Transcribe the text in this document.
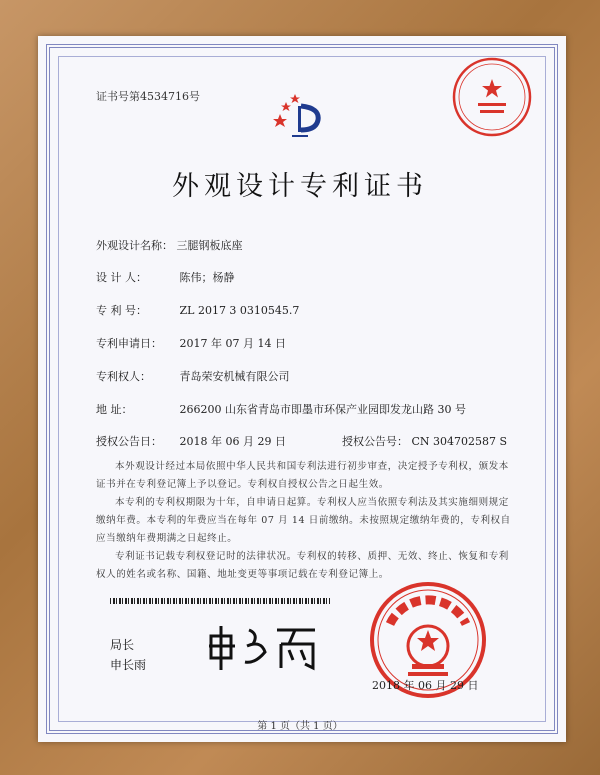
证书号第4534716号
外观设计专利证书
外观设计名称： 三腿钢板底座
设 计 人：	陈伟；杨静
专 利 号：	ZL 2017 3 0310545.7
专利申请日： 2017 年 07 月 14 日
专利权人：	青岛荣安机械有限公司
地 址：	266200 山东省青岛市即墨市环保产业园即发龙山路 30 号
授权公告日： 2018 年 06 月 29 日	授权公告号： CN 304702587 S
本外观设计经过本局依照中华人民共和国专利法进行初步审查，决定授予专利权，颁发本证书并在专利登记簿上予以登记。专利权自授权公告之日起生效。
本专利的专利权期限为十年，自申请日起算。专利权人应当依照专利法及其实施细则规定缴纳年费。本专利的年费应当在每年 07 月 14 日前缴纳。未按照规定缴纳年费的，专利权自应当缴纳年费期满之日起终止。
专利证书记载专利权登记时的法律状况。专利权的转移、质押、无效、终止、恢复和专利权人的姓名或名称、国籍、地址变更等事项记载在专利登记簿上。
局长
申长雨
2018 年 06 月 29 日
第 1 页（共 1 页）
